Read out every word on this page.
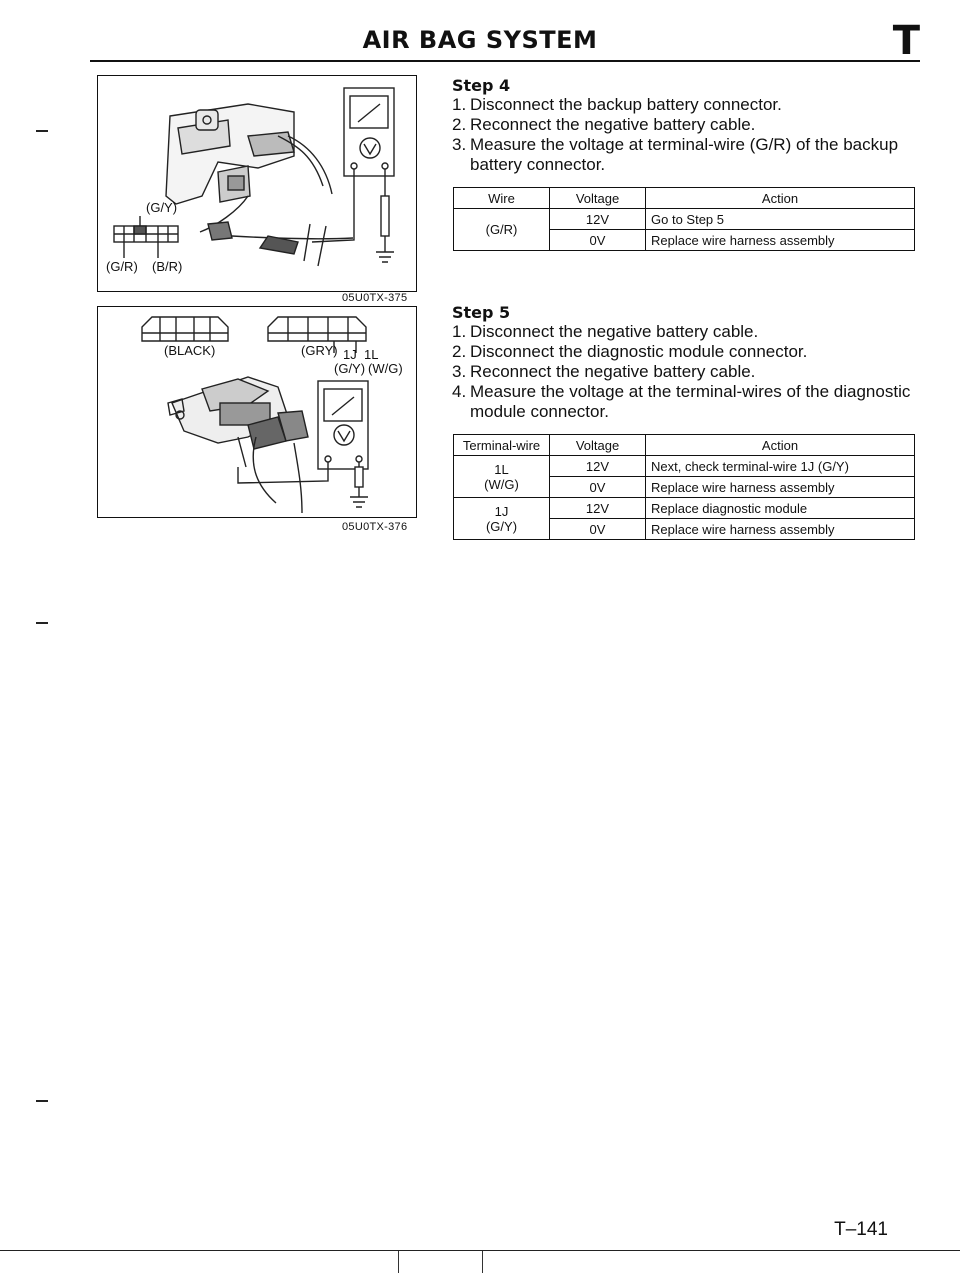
AIR BAG SYSTEM	T
(G/Y)
(G/R) (B/R)
05U0TX-375
(BLACK)	(GRY) 1J 1L
(G/Y) (W/G)
05U0TX-376
Step 4
1. Disconnect the backup battery connector.
2. Reconnect the negative battery cable.
3. Measure the voltage at terminal-wire (G/R) of the backup
battery connector.
Wire	Voltage	Action
(G/R)	12V	Go to Step 5
	0V	Replace wire harness assembly
Step 5
1. Disconnect the negative battery cable.
2. Disconnect the diagnostic module connector.
3. Reconnect the negative battery cable.
4. Measure the voltage at the terminal-wires of the diagnostic
module connector.
Terminal-wire	Voltage	Action

1L
(W/G)	12V	Next, check terminal-wire 1J (G/Y)
	0V	Replace wire harness assembly

1J
(G/Y)	12V	Replace diagnostic module
	0V	Replace wire harness assembly
T–141
